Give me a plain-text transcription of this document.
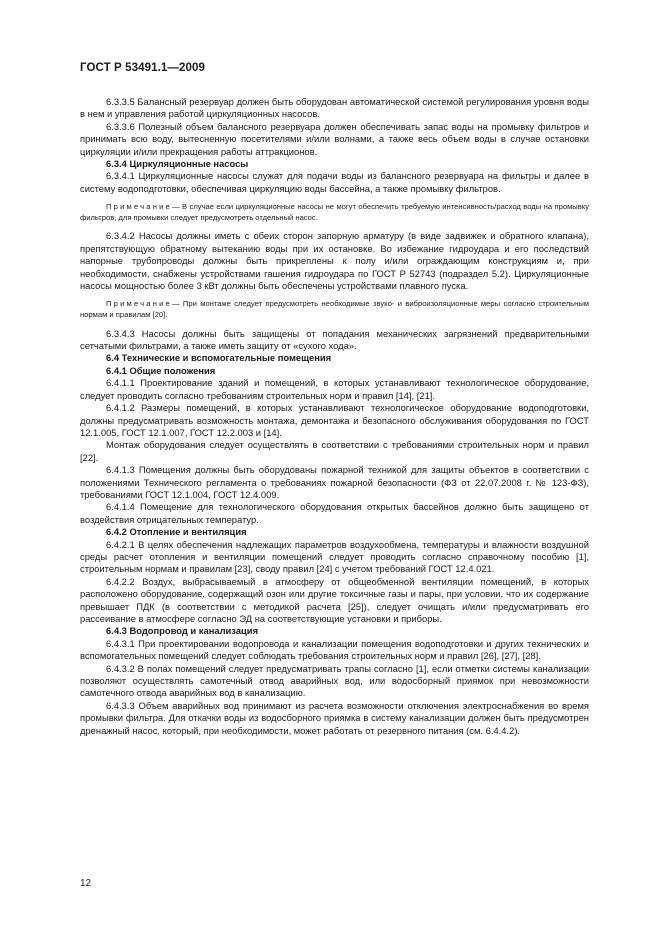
ГОСТ Р 53491.1—2009

6.3.3.5 Балансный резервуар должен быть оборудован автоматической системой регулирования уровня воды в нем и управления работой циркуляционных насосов.

6.3.3.6 Полезный объем балансного резервуара должен обеспечивать запас воды на промывку фильтров и принимать всю воду, вытесненную посетителями и/или волнами, а также весь объем воды в случае остановки циркуляции и/или прекращения работы аттракционов.

6.3.4 Циркуляционные насосы

6.3.4.1 Циркуляционные насосы служат для подачи воды из балансного резервуара на фильтры и далее в систему водоподготовки, обеспечивая циркуляцию воды бассейна, а также промывку фильтров.

Примечание— В случае если циркуляционные насосы не могут обеспечить требуемую интенсивность/расход воды на промывку фильтров, для промывки следует предусмотреть отдельный насос.

6.3.4.2 Насосы должны иметь с обеих сторон запорную арматуру (в виде задвижек и обратного клапана), препятствующую обратному вытеканию воды при их остановке. Во избежание гидроудара и его последствий напорные трубопроводы должны быть прикреплены к полу и/или ограждающим конструкциям и, при необходимости, снабжены устройствами гашения гидроудара по ГОСТ Р 52743 (подраздел 5.2). Циркуляционные насосы мощностью более 3 кВт должны быть обеспечены устройствами плавного пуска.

Примечание— При монтаже следует предусмотреть необходимые звуко- и виброизоляционные меры согласно строительным нормам и правилам [20].

6.3.4.3 Насосы должны быть защищены от попадания механических загрязнений предварительными сетчатыми фильтрами, а также иметь защиту от «сухого хода».

6.4 Технические и вспомогательные помещения

6.4.1 Общие положения

6.4.1.1 Проектирование зданий и помещений, в которых устанавливают технологическое оборудование, следует проводить согласно требованиям строительных норм и правил [14], [21].

6.4.1.2 Размеры помещений, в которых устанавливают технологическое оборудование водоподготовки, должны предусматривать возможность монтажа, демонтажа и безопасного обслуживания оборудования по ГОСТ 12.1.005, ГОСТ 12.1.007, ГОСТ 12.2.003 и [14].

Монтаж оборудования следует осуществлять в соответствии с требованиями строительных норм и правил [22].

6.4.1.3 Помещения должны быть оборудованы пожарной техникой для защиты объектов в соответствии с положениями Технического регламента о требованиях пожарной безопасности (ФЗ от 22.07.2008 г. № 123-ФЗ), требованиями ГОСТ 12.1.004, ГОСТ 12.4.009.

6.4.1.4 Помещение для технологического оборудования открытых бассейнов должно быть защищено от воздействия отрицательных температур.

6.4.2 Отопление и вентиляция

6.4.2.1 В целях обеспечения надлежащих параметров воздухообмена, температуры и влажности воздушной среды расчет отопления и вентиляции помещений следует проводить согласно справочному пособию [1], строительным нормам и правилам [23], своду правил [24] с учетом требований ГОСТ 12.4.021.

6.4.2.2 Воздух, выбрасываемый в атмосферу от общеобменной вентиляции помещений, в которых расположено оборудование, содержащий озон или другие токсичные газы и пары, при условии, что их содержание превышает ПДК (в соответствии с методикой расчета [25]), следует очищать и/или предусматривать его рассеивание в атмосфере согласно ЭД на соответствующие установки и приборы.

6.4.3 Водопровод и канализация

6.4.3.1 При проектировании водопровода и канализации помещения водоподготовки и других технических и вспомогательных помещений следует соблюдать требования строительных норм и правил [26], [27], [28].

6.4.3.2 В полах помещений следует предусматривать трапы согласно [1], если отметки системы канализации позволяют осуществлять самотечный отвод аварийных вод, или водосборный приямок при невозможности самотечного отвода аварийных вод в канализацию.

6.4.3.3 Объем аварийных вод принимают из расчета возможности отключения электроснабжения во время промывки фильтра. Для откачки воды из водосборного приямка в систему канализации должен быть предусмотрен дренажный насос, который, при необходимости, может работать от резервного питания (см. 6.4.4.2).

12
